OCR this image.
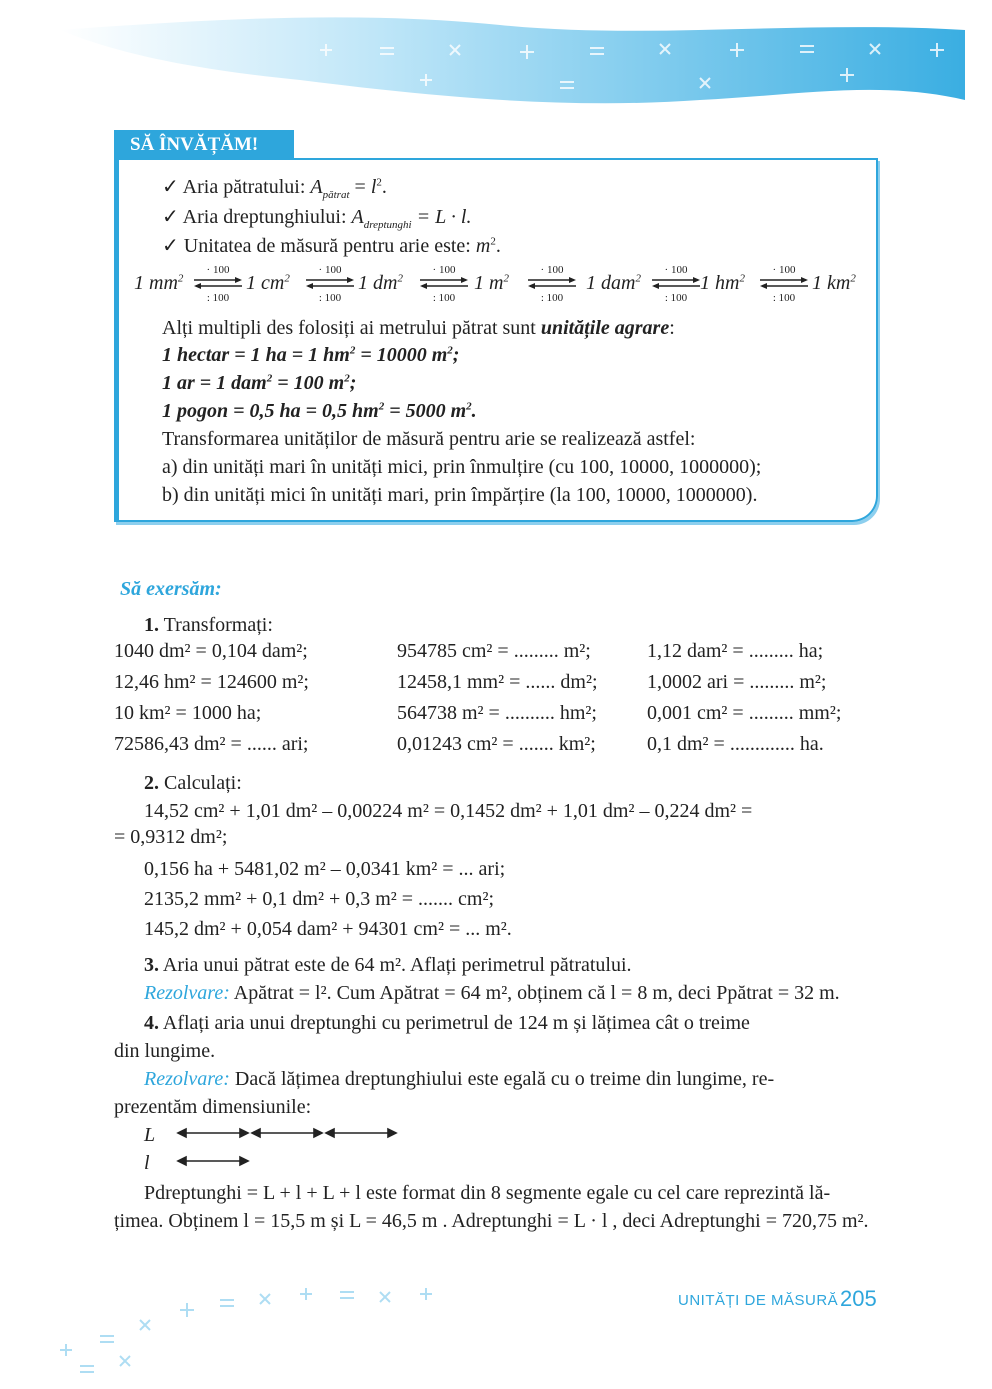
SĂ ÎNVĂȚĂM!
✓ Aria pătratului: $A_{pătrat} = l^2$.
✓ Aria dreptunghiului: $A_{dreptunghi} = L \cdot l$.
✓ Unitatea de măsură pentru arie este: $m^2$.
1 $mm^2$	1 $cm^2$	1 $dm^2$	1 $m^2$	1 dam$^2$	1 $hm^2$	1 $km^2$
· 100
: 100
· 100
: 100
· 100
: 100
· 100
: 100
· 100
: 100
· 100
: 100
Alți multipli des folosiți ai metrului pătrat sunt unitățile agrare:
1 hectar = 1 ha = 1 $hm^2 = 10000$ $m^2$;
1 ar = 1 dam$^2$ = 100 $m^2$;
1 pogon = 0,5 ha = 0,5 $hm^2 = 5000$ $m^2$.
Transformarea unităților de măsură pentru arie se realizează astfel:
a) din unități mari în unități mici, prin înmulțire (cu 100, 10000, 1000000);
b) din unități mici în unități mari, prin împărțire (la 100, 10000, 1000000).
Să exersăm:
1. Transformați:
1040 dm² = 0,104 dam²;	954785 cm² = ......... m²;	1,12 dam² = ......... ha;
12,46 hm² = 124600 m²;	12458,1 mm² = ...... dm²;	1,0002 ari = ......... m²;
10 km² = 1000 ha;	564738 m² = .......... hm²;	0,001 cm² = ......... mm²;
72586,43 dm² = ...... ari;	0,01243 cm² = ....... km²;	0,1 dm² = ............. ha.
2. Calculați:
14,52 cm² + 1,01 dm² – 0,00224 m² = 0,1452 dm² + 1,01 dm² – 0,224 dm² =
= 0,9312 dm²;
0,156 ha + 5481,02 m² – 0,0341 km² = ... ari;
2135,2 mm² + 0,1 dm² + 0,3 m² = ....... cm²;
145,2 dm² + 0,054 dam² + 94301 cm² = ... m².
3. Aria unui pătrat este de 64 m². Aflați perimetrul pătratului.
Rezolvare: Apătrat = l². Cum Apătrat = 64 m², obținem că l = 8 m, deci Ppătrat = 32 m.
4. Aflați aria unui dreptunghi cu perimetrul de 124 m și lățimea cât o treime
din lungime.
Rezolvare: Dacă lățimea dreptunghiului este egală cu o treime din lungime, re-
prezentăm dimensiunile:
L
l
Pdreptunghi = L + l + L + l este format din 8 segmente egale cu cel care reprezintă lă-
țimea. Obținem l = 15,5 m și L = 46,5 m . Adreptunghi = L · l , deci Adreptunghi = 720,75 m².
UNITĂȚI DE MĂSURĂ 205
